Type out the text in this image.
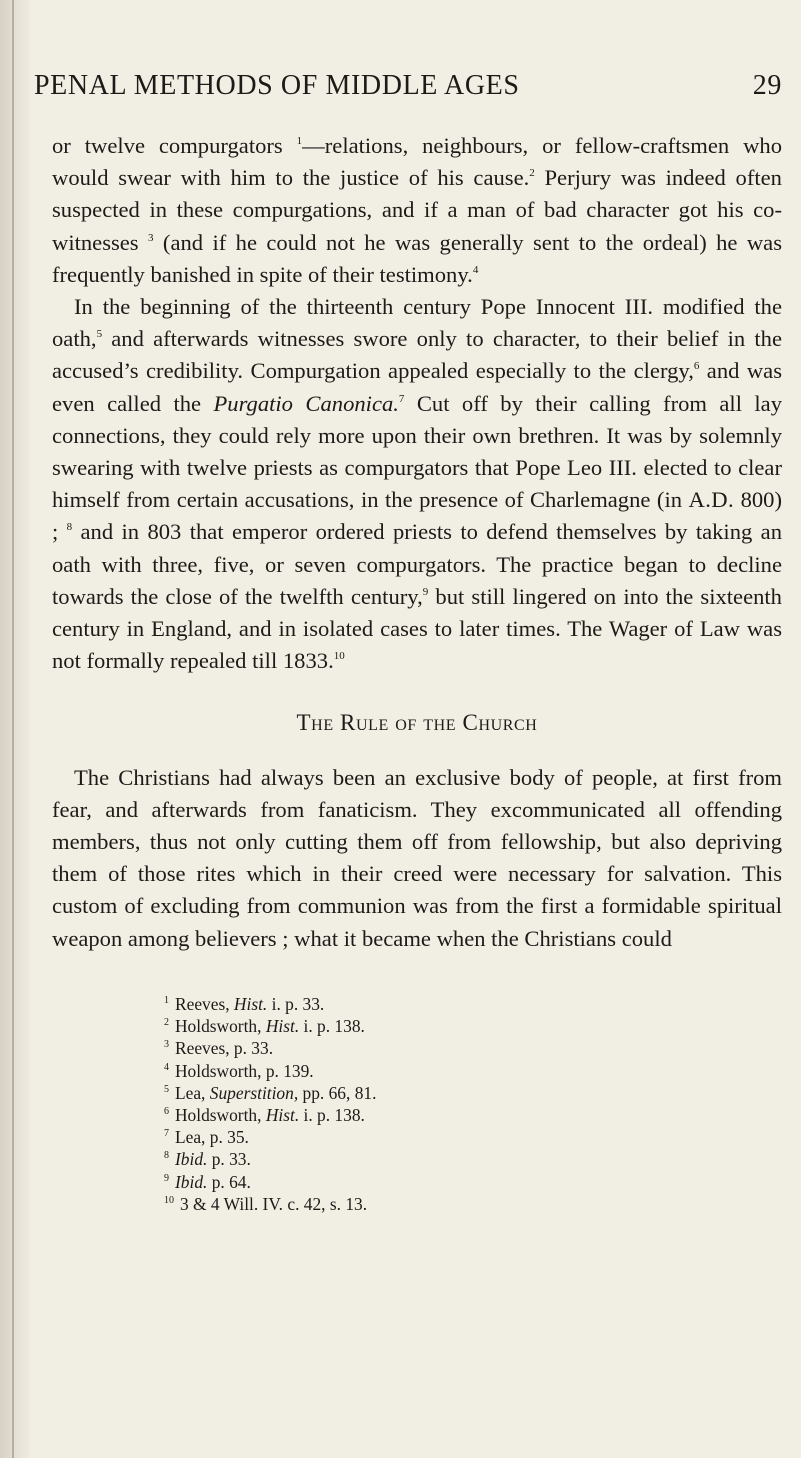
PENAL METHODS OF MIDDLE AGES	29

or twelve compurgators $^1$—relations, neighbours, or fellow-craftsmen who would swear with him to the justice of his cause.$^2$ Perjury was indeed often suspected in these compurgations, and if a man of bad character got his co-witnesses $^3$ (and if he could not he was generally sent to the ordeal) he was frequently banished in spite of their testimony.$^4$

In the beginning of the thirteenth century Pope Innocent III. modified the oath,$^5$ and afterwards witnesses swore only to character, to their belief in the accused’s credibility. Compurgation appealed especially to the clergy,$^6$ and was even called the Purgatio Canonica.$^7$ Cut off by their calling from all lay connections, they could rely more upon their own brethren. It was by solemnly swearing with twelve priests as compurgators that Pope Leo III. elected to clear himself from certain accusations, in the presence of Charlemagne (in A.D. 800) ; $^8$ and in 803 that emperor ordered priests to defend themselves by taking an oath with three, five, or seven compurgators. The practice began to decline towards the close of the twelfth century,$^9$ but still lingered on into the sixteenth century in England, and in isolated cases to later times. The Wager of Law was not formally repealed till 1833.10

The Rule of the Church

The Christians had always been an exclusive body of people, at first from fear, and afterwards from fanaticism. They excommunicated all offending members, thus not only cutting them off from fellowship, but also depriving them of those rites which in their creed were necessary for salvation. This custom of excluding from communion was from the first a formidable spiritual weapon among believers ; what it became when the Christians could

$^1$ Reeves, Hist. i. p. 33.
$^2$ Holdsworth, Hist. i. p. 138.
$^3$ Reeves, p. 33.
$^4$ Holdsworth, p. 139.
$^5$ Lea, Superstition, pp. 66, 81.
$^6$ Holdsworth, Hist. i. p. 138.
$^7$ Lea, p. 35.
$^8$ Ibid. p. 33.
$^9$ Ibid. p. 64.
$^{10}$ 3 & 4 Will. IV. c. 42, s. 13.
